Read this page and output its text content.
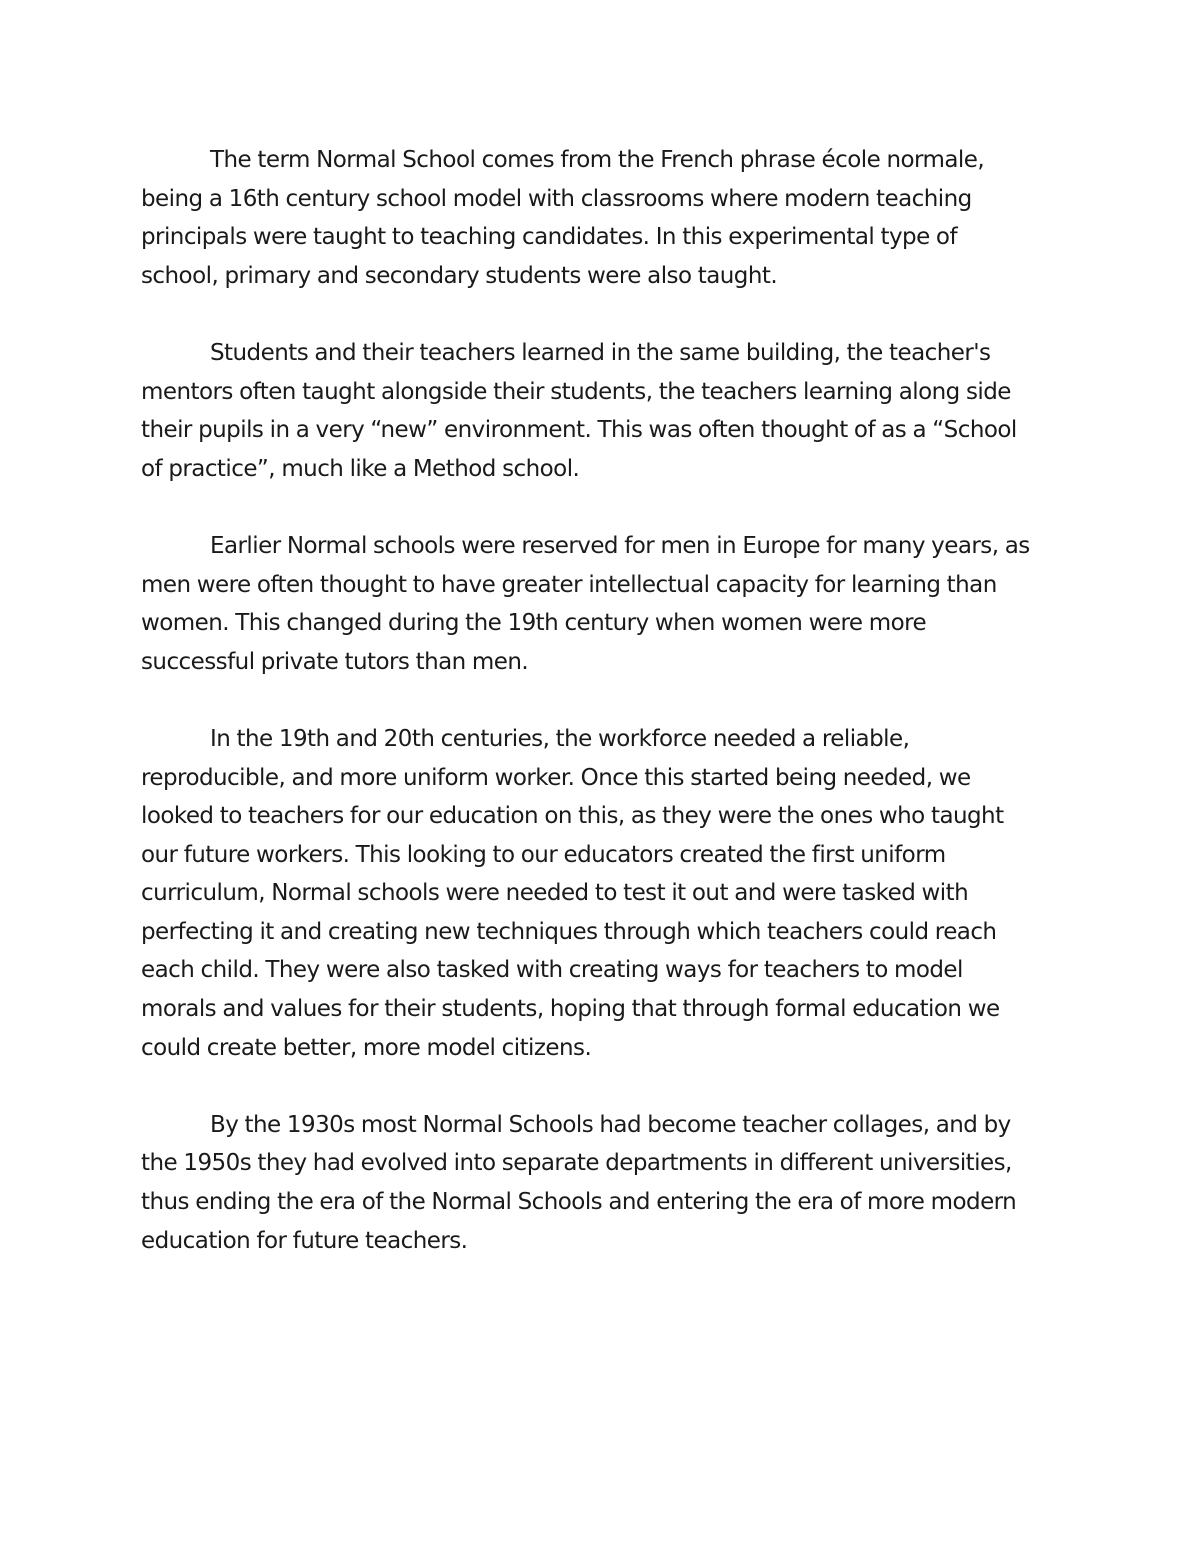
The term Normal School comes from the French phrase école normale,
being a 16th century school model with classrooms where modern teaching
principals were taught to teaching candidates. In this experimental type of
school, primary and secondary students were also taught.

Students and their teachers learned in the same building, the teacher's
mentors often taught alongside their students, the teachers learning along side
their pupils in a very “new” environment. This was often thought of as a “School
of practice”, much like a Method school.

Earlier Normal schools were reserved for men in Europe for many years, as
men were often thought to have greater intellectual capacity for learning than
women. This changed during the 19th century when women were more
successful private tutors than men.

In the 19th and 20th centuries, the workforce needed a reliable,
reproducible, and more uniform worker. Once this started being needed, we
looked to teachers for our education on this, as they were the ones who taught
our future workers. This looking to our educators created the first uniform
curriculum, Normal schools were needed to test it out and were tasked with
perfecting it and creating new techniques through which teachers could reach
each child. They were also tasked with creating ways for teachers to model
morals and values for their students, hoping that through formal education we
could create better, more model citizens.

By the 1930s most Normal Schools had become teacher collages, and by
the 1950s they had evolved into separate departments in different universities,
thus ending the era of the Normal Schools and entering the era of more modern
education for future teachers.
